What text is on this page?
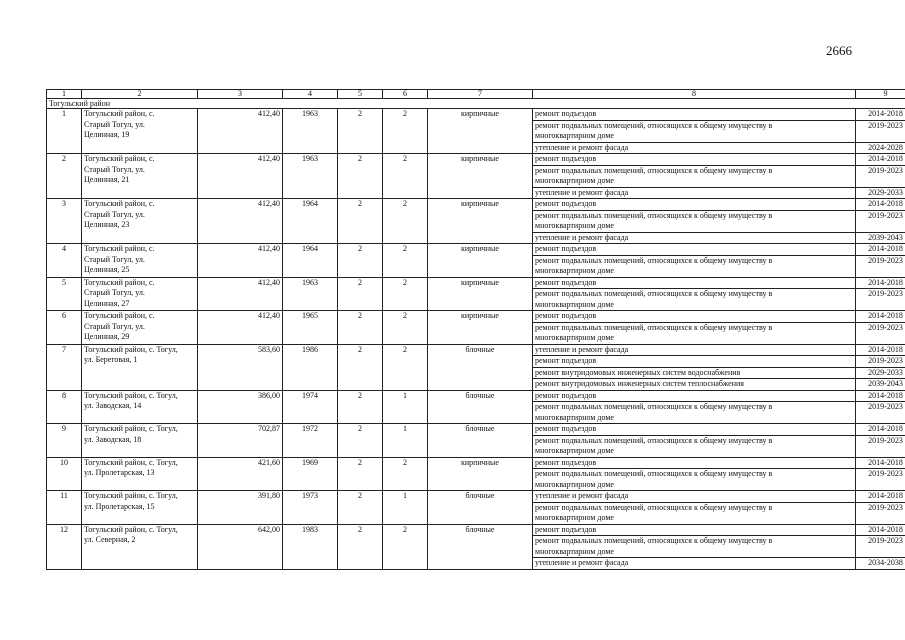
2666
1	2	3	4	5	6	7	8	9
Тогульский район								
1	Тогульский район, с.
Старый Тогул, ул.
Целинная, 19	412,40	1963	2	2	кирпичные	ремонт подъездов	2014-2018

							ремонт подвальных помещений, относящихся к общему имуществу в
многоквартирном доме	2019-2023

							утепление и ремонт фасада	2024-2028
2	Тогульский район, с.
Старый Тогул, ул.
Целинная, 21	412,40	1963	2	2	кирпичные	ремонт подъездов	2014-2018

							ремонт подвальных помещений, относящихся к общему имуществу в
многоквартирном доме	2019-2023

							утепление и ремонт фасада	2029-2033
3	Тогульский район, с.
Старый Тогул, ул.
Целинная, 23	412,40	1964	2	2	кирпичные	ремонт подъездов	2014-2018

							ремонт подвальных помещений, относящихся к общему имуществу в
многоквартирном доме	2019-2023

							утепление и ремонт фасада	2039-2043
4	Тогульский район, с.
Старый Тогул, ул.
Целинная, 25	412,40	1964	2	2	кирпичные	ремонт подъездов	2014-2018

							ремонт подвальных помещений, относящихся к общему имуществу в
многоквартирном доме	2019-2023
5	Тогульский район, с.
Старый Тогул, ул.
Целинная, 27	412,40	1963	2	2	кирпичные	ремонт подъездов	2014-2018

							ремонт подвальных помещений, относящихся к общему имуществу в
многоквартирном доме	2019-2023
6	Тогульский район, с.
Старый Тогул, ул.
Целинная, 29	412,40	1965	2	2	кирпичные	ремонт подъездов	2014-2018

							ремонт подвальных помещений, относящихся к общему имуществу в
многоквартирном доме	2019-2023
7	Тогульский район, с. Тогул,
ул. Береговая, 1	583,60	1986	2	2	блочные	утепление и ремонт фасада	2014-2018

							ремонт подъездов	2019-2023

							ремонт внутридомовых инженерных систем водоснабжения	2029-2033

							ремонт внутридомовых инженерных систем теплоснабжения	2039-2043
8	Тогульский район, с. Тогул,
ул. Заводская, 14	386,00	1974	2	1	блочные	ремонт подъездов	2014-2018

							ремонт подвальных помещений, относящихся к общему имуществу в
многоквартирном доме	2019-2023
9	Тогульский район, с. Тогул,
ул. Заводская, 18	702,87	1972	2	1	блочные	ремонт подъездов	2014-2018

							ремонт подвальных помещений, относящихся к общему имуществу в
многоквартирном доме	2019-2023
10	Тогульский район, с. Тогул,
ул. Пролетарская, 13	421,60	1969	2	2	кирпичные	ремонт подъездов	2014-2018

							ремонт подвальных помещений, относящихся к общему имуществу в
многоквартирном доме	2019-2023
11	Тогульский район, с. Тогул,
ул. Пролетарская, 15	391,80	1973	2	1	блочные	утепление и ремонт фасада	2014-2018

							ремонт подвальных помещений, относящихся к общему имуществу в
многоквартирном доме	2019-2023
12	Тогульский район, с. Тогул,
ул. Северная, 2	642,00	1983	2	2	блочные	ремонт подъездов	2014-2018

							ремонт подвальных помещений, относящихся к общему имуществу в
многоквартирном доме	2019-2023

							утепление и ремонт фасада	2034-2038
